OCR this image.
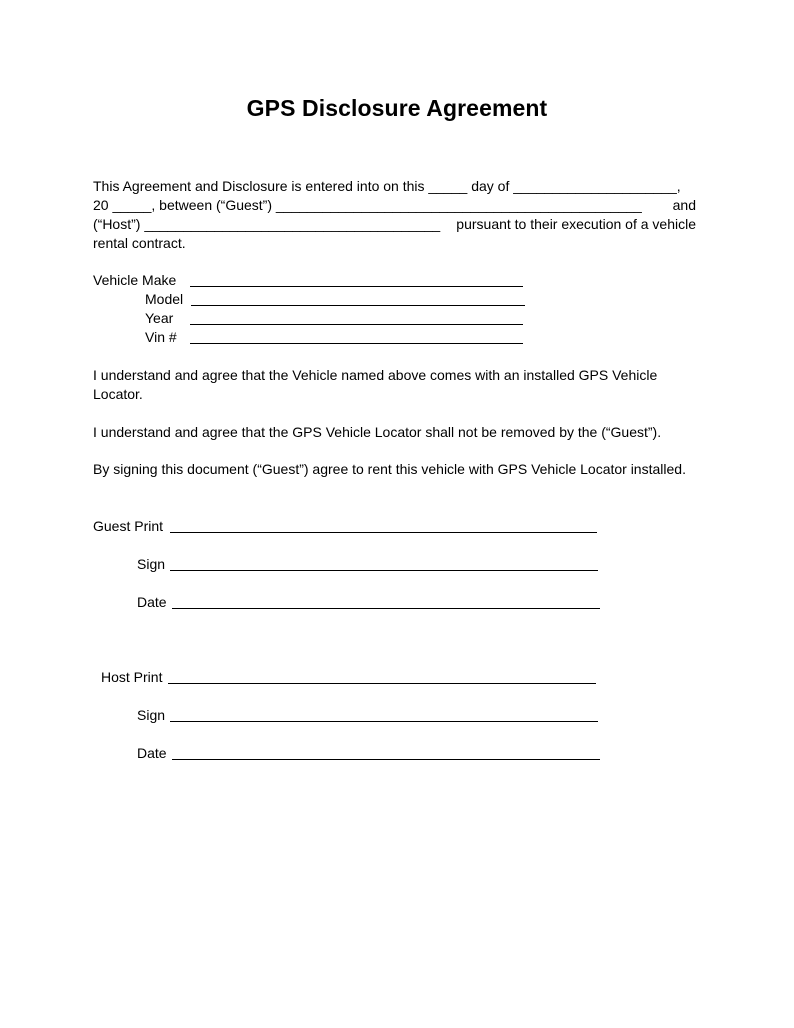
GPS Disclosure Agreement
This Agreement and Disclosure is entered into on this _____ day of _____________________,
20 _____, between (“Guest”) _______________________________________________ and
(“Host”) ______________________________________ pursuant to their execution of a vehicle
rental contract.
Vehicle Make
Model
Year
Vin #
I understand and agree that the Vehicle named above comes with an installed GPS Vehicle
Locator.
I understand and agree that the GPS Vehicle Locator shall not be removed by the (“Guest”).
By signing this document (“Guest”) agree to rent this vehicle with GPS Vehicle Locator installed.
Guest Print
Sign
Date
Host Print
Sign
Date
